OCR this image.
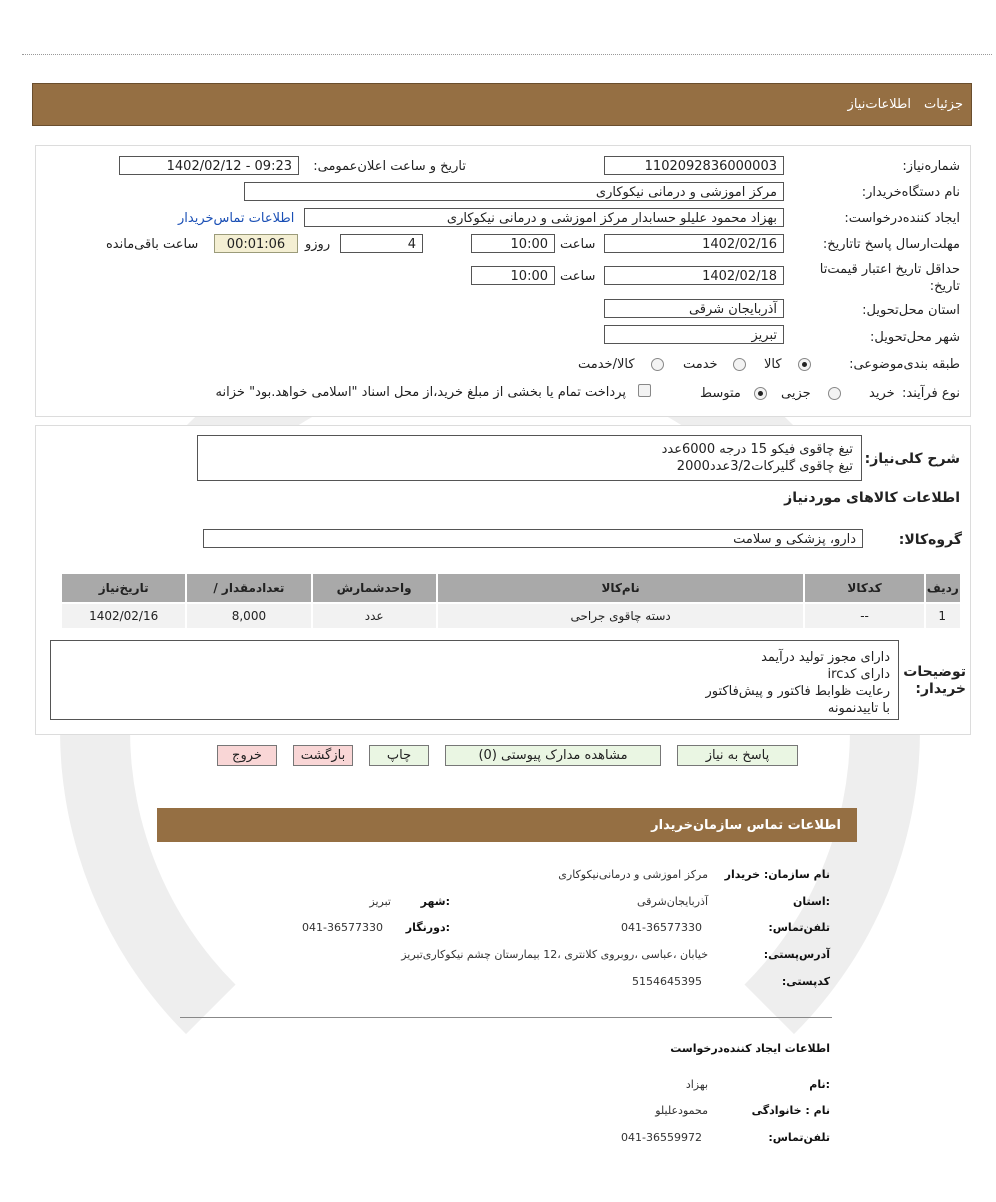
جزئیات
اطلاعات‌نیاز
شماره‌نیاز:
1102092836000003
تاریخ و ساعت اعلان‌عمومی:
1402/02/12 - 09:23
نام دستگاه‌خریدار:
مرکز اموزشی و درمانی نیکوکاری
ایجاد کننده‌درخواست:
بهزاد محمود علیلو حسابدار مرکز اموزشی و درمانی نیکوکاری
اطلاعات تماس‌خریدار
مهلت‌ارسال پاسخ تا‌تاریخ:
1402/02/16
ساعت
10:00
4
روزو
00:01:06
ساعت باقی‌مانده
حداقل تاریخ اعتبار قیمت‌تا تاریخ:
1402/02/18
ساعت
10:00
استان محل‌تحویل:
آذربایجان شرقی
شهر محل‌تحویل:
تبریز
طبقه بندی‌موضوعی:
کالا
خدمت
کالا/خدمت
نوع فرآیند:
خرید
جزیی
متوسط
پرداخت تمام یا بخشی از مبلغ خرید،از محل اسناد "اسلامی خواهد.بود" خزانه
شرح کلی‌نیاز:
تیغ چاقوی فیکو 15 درجه 6000عدد
تیغ چاقوی گلیرکات3/2عدد2000
اطلاعات کالاهای موردنیاز
گروه‌کالا:
دارو، پزشکی و سلامت
ردیف	کدکالا	نام‌کالا	واحدشمارش	تعدادمقدار /	تاریخ‌نیاز
1	--	دسته چاقوی جراحی	عدد	8,000	1402/02/16
توضیحات خریدار:
دارای مجوز تولید درآیمد
دارای کدirc
رعایت ظوابط فاکتور و پیش‌فاکتور
با تاییدنمونه
پاسخ به نیاز
مشاهده مدارک پیوستی (0)
چاپ
بازگشت
خروج
اطلاعات تماس سازمان‌خریدار
نام سازمان‌: خریدار
مرکز اموزشی و درمانی‌نیکوکاری
:استان
آذربایجان‌شرقی
:شهر
تبریز
تلفن‌تماس:
041-36577330
:دورنگار
041-36577330
آدرس‌پستی:
خیابان ،عباسی ،روبروی کلانتری ،12 بیمارستان چشم نیکوکاری‌تبریز
کد‌پستی:
5154645395
اطلاعات ایجاد کننده‌درخواست
:نام
بهزاد
نام : خانوادگی
محمودعلیلو
تلفن‌تماس:
041-36559972
